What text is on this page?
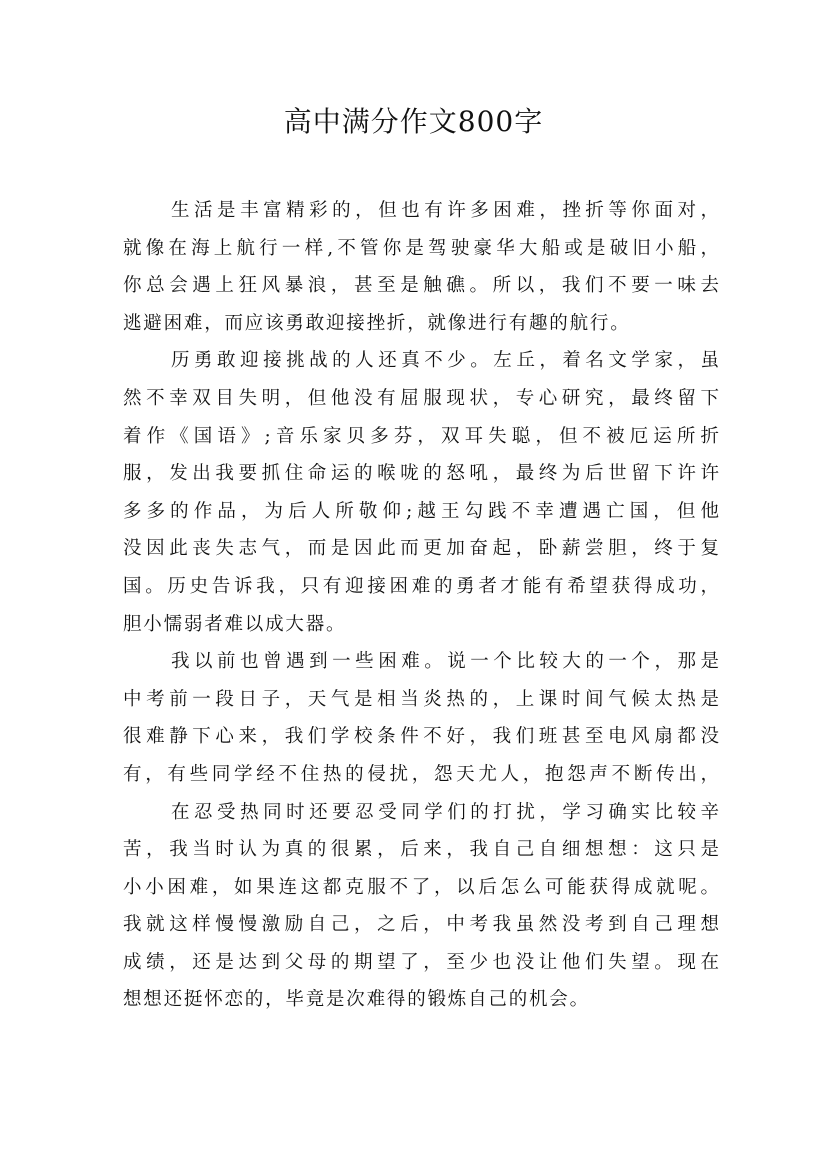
高中满分作文800字
生活是丰富精彩的，但也有许多困难，挫折等你面对，
就像在海上航行一样,不管你是驾驶豪华大船或是破旧小船，
你总会遇上狂风暴浪，甚至是触礁。所以，我们不要一味去
逃避困难，而应该勇敢迎接挫折，就像进行有趣的航行。
历勇敢迎接挑战的人还真不少。左丘，着名文学家，虽
然不幸双目失明，但他没有屈服现状，专心研究，最终留下
着作《国语》;音乐家贝多芬，双耳失聪，但不被厄运所折
服，发出我要抓住命运的喉咙的怒吼，最终为后世留下许许
多多的作品，为后人所敬仰;越王勾践不幸遭遇亡国，但他
没因此丧失志气，而是因此而更加奋起，卧薪尝胆，终于复
国。历史告诉我，只有迎接困难的勇者才能有希望获得成功，
胆小懦弱者难以成大器。
我以前也曾遇到一些困难。说一个比较大的一个，那是
中考前一段日子，天气是相当炎热的，上课时间气候太热是
很难静下心来，我们学校条件不好，我们班甚至电风扇都没
有，有些同学经不住热的侵扰，怨天尤人，抱怨声不断传出，
在忍受热同时还要忍受同学们的打扰，学习确实比较辛
苦，我当时认为真的很累，后来，我自己自细想想：这只是
小小困难，如果连这都克服不了，以后怎么可能获得成就呢。
我就这样慢慢激励自己，之后，中考我虽然没考到自己理想
成绩，还是达到父母的期望了，至少也没让他们失望。现在
想想还挺怀恋的，毕竟是次难得的锻炼自己的机会。
